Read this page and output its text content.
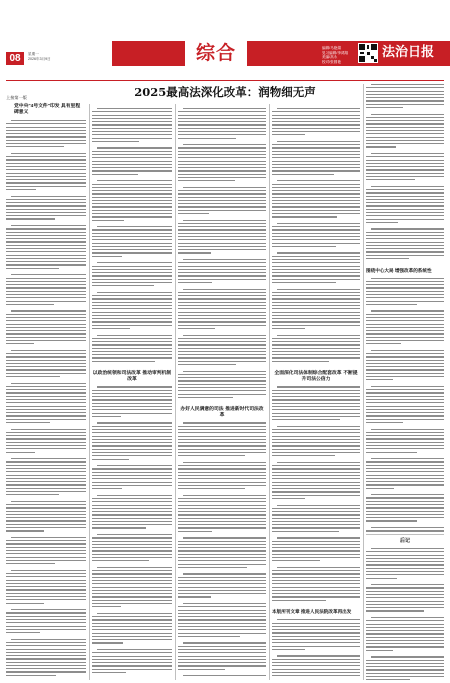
08	星期一
2026年3月9日	综合	编辑/马艳娟
见习编辑/李鸿翔
美编/高永
校对/张圆艳
法治日报
2025最高法深化改革：润物细无声
上接第一版
党中央"4号文件"印发 具有里程碑意义
以政治统领和司法改革 推动审判机制改革
办好人民满意的司法 推进新时代司法改革
全面深化司法体制综合配套改革 不断提升司法公信力
本版所刊文章 推进人民法院改革再出发
围绕中心大局 增强改革的系统性
后记
